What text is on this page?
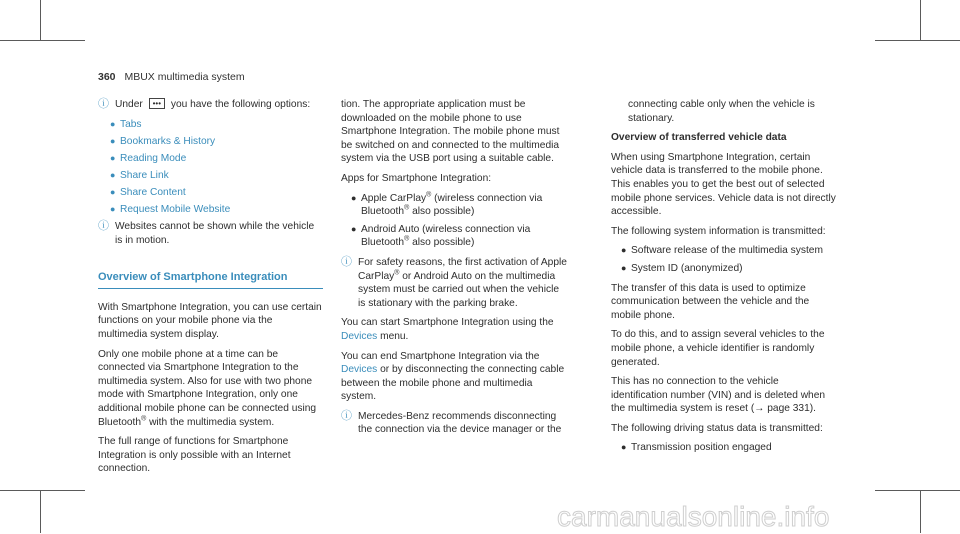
360 MBUX multimedia system
ⓘ Under ••• you have the following options:
● Tabs
● Bookmarks & History
● Reading Mode
● Share Link
● Share Content
● Request Mobile Website
ⓘ Websites cannot be shown while the vehicle is in motion.
Overview of Smartphone Integration

With Smartphone Integration, you can use certain functions on your mobile phone via the multimedia system display.

Only one mobile phone at a time can be connected via Smartphone Integration to the multimedia system. Also for use with two phone mode with Smartphone Integration, only one additional mobile phone can be connected using Bluetooth® with the multimedia system.

The full range of functions for Smartphone Integration is only possible with an Internet connection.

tion. The appropriate application must be downloaded on the mobile phone to use Smartphone Integration. The mobile phone must be switched on and connected to the multimedia system via the USB port using a suitable cable.

Apps for Smartphone Integration:

● Apple CarPlay® (wireless connection via Bluetooth® also possible)
● Android Auto (wireless connection via Bluetooth® also possible)
ⓘ For safety reasons, the first activation of Apple CarPlay® or Android Auto on the multimedia system must be carried out when the vehicle is stationary with the parking brake.

You can start Smartphone Integration using the Devices menu.

You can end Smartphone Integration via the Devices or by disconnecting the connecting cable between the mobile phone and multimedia system.

ⓘ Mercedes-Benz recommends disconnecting the connection via the device manager or the

connecting cable only when the vehicle is stationary.

Overview of transferred vehicle data

When using Smartphone Integration, certain vehicle data is transferred to the mobile phone. This enables you to get the best out of selected mobile phone services. Vehicle data is not directly accessible.

The following system information is transmitted:

● Software release of the multimedia system
● System ID (anonymized)

The transfer of this data is used to optimize communication between the vehicle and the mobile phone.

To do this, and to assign several vehicles to the mobile phone, a vehicle identifier is randomly generated.

This has no connection to the vehicle identification number (VIN) and is deleted when the multimedia system is reset (→ page 331).

The following driving status data is transmitted:

● Transmission position engaged
carmanualsonline.info
